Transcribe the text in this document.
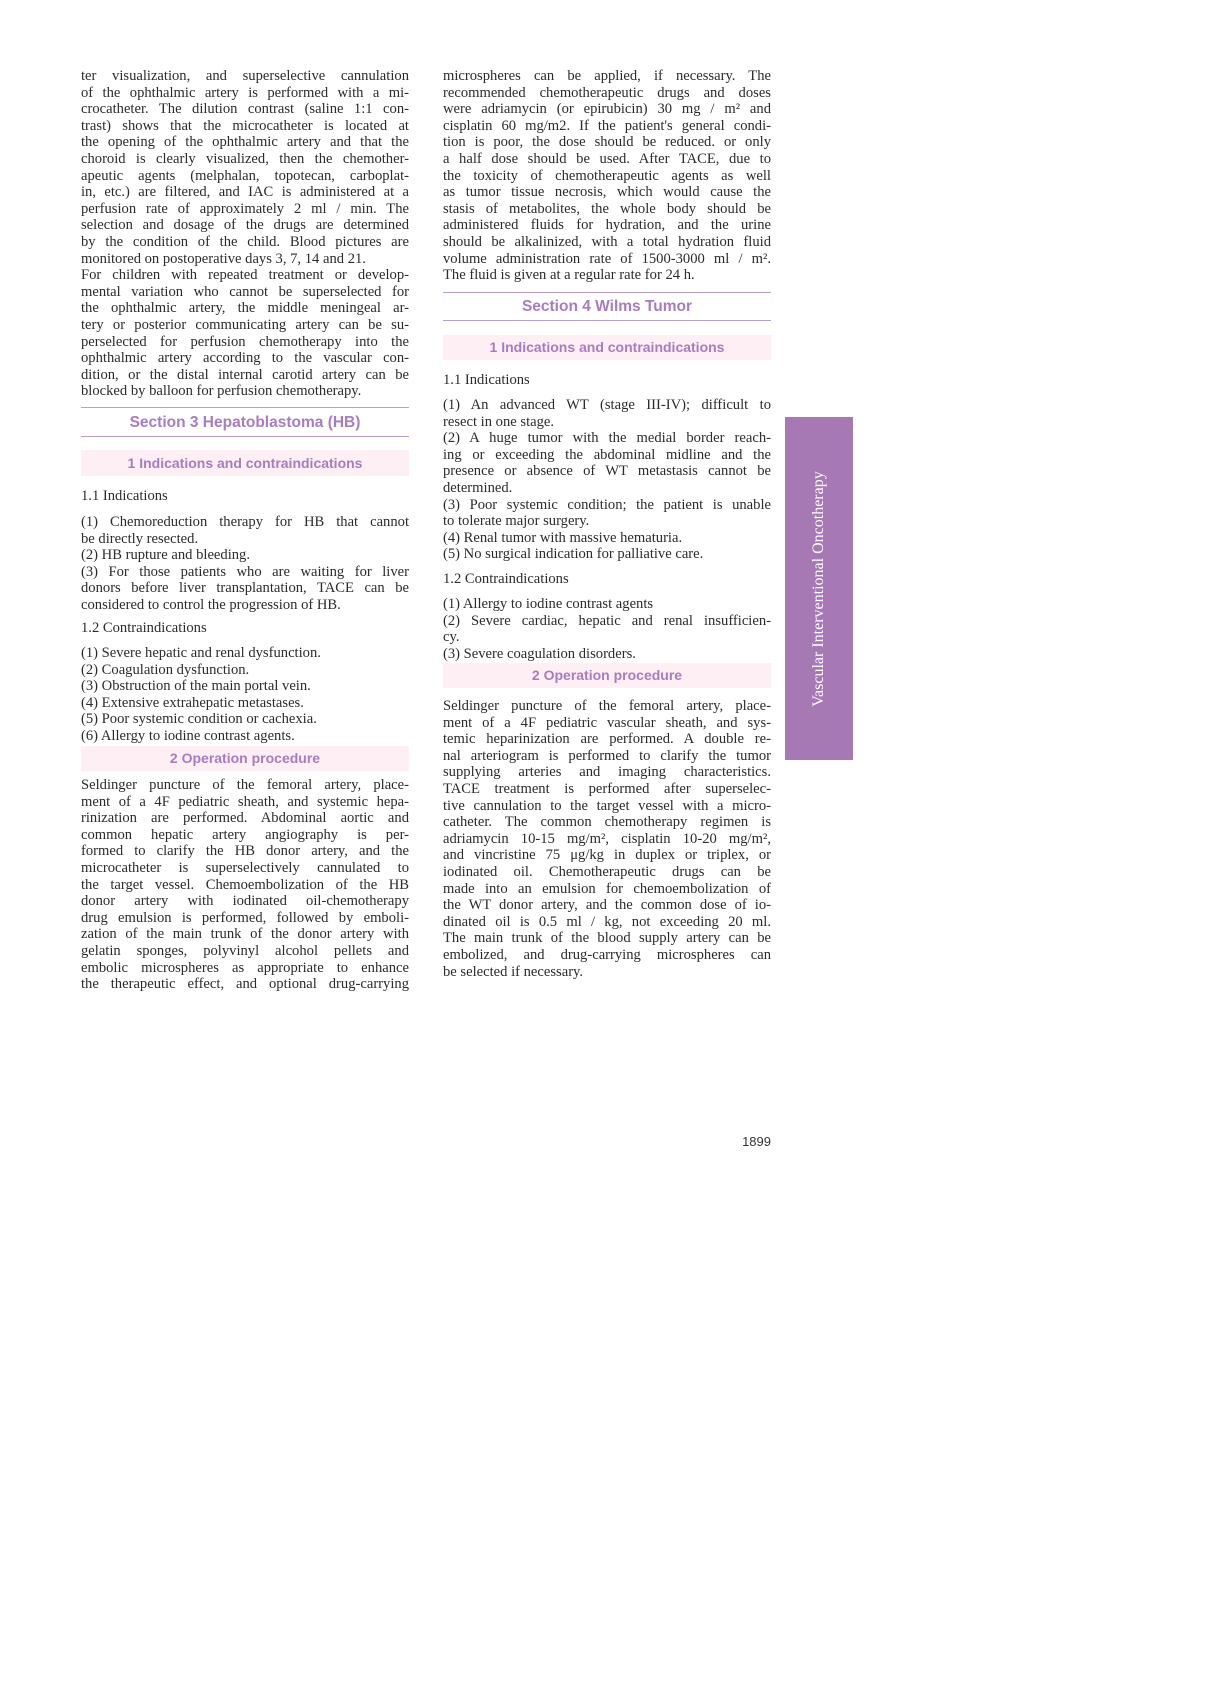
ter visualization, and superselective cannulation
of the ophthalmic artery is performed with a mi-
crocatheter. The dilution contrast (saline 1:1 con-
trast) shows that the microcatheter is located at
the opening of the ophthalmic artery and that the
choroid is clearly visualized, then the chemother-
apeutic agents (melphalan, topotecan, carboplat-
in, etc.) are filtered, and IAC is administered at a
perfusion rate of approximately 2 ml / min. The
selection and dosage of the drugs are determined
by the condition of the child. Blood pictures are
monitored on postoperative days 3, 7, 14 and 21.
For children with repeated treatment or develop-
mental variation who cannot be superselected for
the ophthalmic artery, the middle meningeal ar-
tery or posterior communicating artery can be su-
perselected for perfusion chemotherapy into the
ophthalmic artery according to the vascular con-
dition, or the distal internal carotid artery can be
blocked by balloon for perfusion chemotherapy.
Section 3 Hepatoblastoma (HB)
1 Indications and contraindications
1.1 Indications
(1) Chemoreduction therapy for HB that cannot
be directly resected.
(2) HB rupture and bleeding.
(3) For those patients who are waiting for liver
donors before liver transplantation, TACE can be
considered to control the progression of HB.
1.2 Contraindications
(1) Severe hepatic and renal dysfunction.
(2) Coagulation dysfunction.
(3) Obstruction of the main portal vein.
(4) Extensive extrahepatic metastases.
(5) Poor systemic condition or cachexia.
(6) Allergy to iodine contrast agents.
2 Operation procedure
Seldinger puncture of the femoral artery, place-
ment of a 4F pediatric sheath, and systemic hepa-
rinization are performed. Abdominal aortic and
common hepatic artery angiography is per-
formed to clarify the HB donor artery, and the
microcatheter is superselectively cannulated to
the target vessel. Chemoembolization of the HB
donor artery with iodinated oil-chemotherapy
drug emulsion is performed, followed by emboli-
zation of the main trunk of the donor artery with
gelatin sponges, polyvinyl alcohol pellets and
embolic microspheres as appropriate to enhance
the therapeutic effect, and optional drug-carrying
microspheres can be applied, if necessary. The
recommended chemotherapeutic drugs and doses
were adriamycin (or epirubicin) 30 mg / m² and
cisplatin 60 mg/m2. If the patient's general condi-
tion is poor, the dose should be reduced. or only
a half dose should be used. After TACE, due to
the toxicity of chemotherapeutic agents as well
as tumor tissue necrosis, which would cause the
stasis of metabolites, the whole body should be
administered fluids for hydration, and the urine
should be alkalinized, with a total hydration fluid
volume administration rate of 1500-3000 ml / m².
The fluid is given at a regular rate for 24 h.
Section 4 Wilms Tumor
1 Indications and contraindications
1.1 Indications
(1) An advanced WT (stage III-IV); difficult to
resect in one stage.
(2) A huge tumor with the medial border reach-
ing or exceeding the abdominal midline and the
presence or absence of WT metastasis cannot be
determined.
(3) Poor systemic condition; the patient is unable
to tolerate major surgery.
(4) Renal tumor with massive hematuria.
(5) No surgical indication for palliative care.
1.2 Contraindications
(1) Allergy to iodine contrast agents
(2) Severe cardiac, hepatic and renal insufficien-
cy.
(3) Severe coagulation disorders.
2 Operation procedure
Seldinger puncture of the femoral artery, place-
ment of a 4F pediatric vascular sheath, and sys-
temic heparinization are performed. A double re-
nal arteriogram is performed to clarify the tumor
supplying arteries and imaging characteristics.
TACE treatment is performed after superselec-
tive cannulation to the target vessel with a micro-
catheter. The common chemotherapy regimen is
adriamycin 10-15 mg/m², cisplatin 10-20 mg/m²,
and vincristine 75 μg/kg in duplex or triplex, or
iodinated oil. Chemotherapeutic drugs can be
made into an emulsion for chemoembolization of
the WT donor artery, and the common dose of io-
dinated oil is 0.5 ml / kg, not exceeding 20 ml.
The main trunk of the blood supply artery can be
embolized, and drug-carrying microspheres can
be selected if necessary.
Vascular Interventional Oncotherapy
1899
